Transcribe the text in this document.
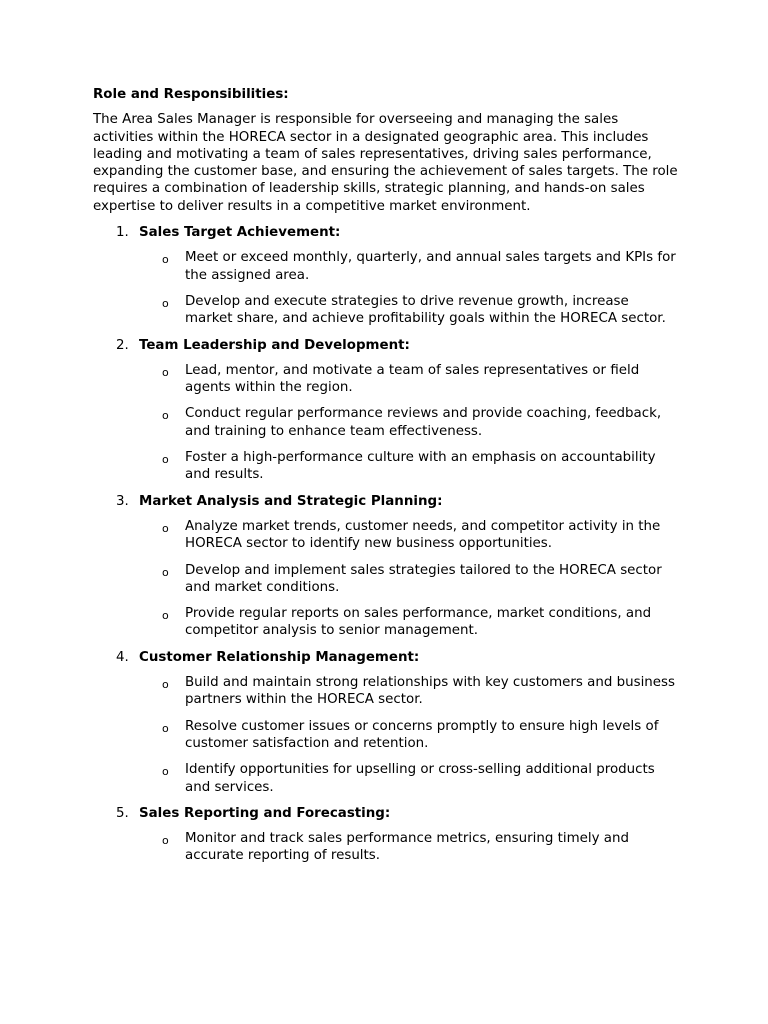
Role and Responsibilities:
The Area Sales Manager is responsible for overseeing and managing the sales activities within the HORECA sector in a designated geographic area. This includes leading and motivating a team of sales representatives, driving sales performance, expanding the customer base, and ensuring the achievement of sales targets. The role requires a combination of leadership skills, strategic planning, and hands-on sales expertise to deliver results in a competitive market environment.
1. Sales Target Achievement:
o Meet or exceed monthly, quarterly, and annual sales targets and KPIs for the assigned area.
o Develop and execute strategies to drive revenue growth, increase market share, and achieve profitability goals within the HORECA sector.
2. Team Leadership and Development:
o Lead, mentor, and motivate a team of sales representatives or field agents within the region.
o Conduct regular performance reviews and provide coaching, feedback, and training to enhance team effectiveness.
o Foster a high-performance culture with an emphasis on accountability and results.
3. Market Analysis and Strategic Planning:
o Analyze market trends, customer needs, and competitor activity in the HORECA sector to identify new business opportunities.
o Develop and implement sales strategies tailored to the HORECA sector and market conditions.
o Provide regular reports on sales performance, market conditions, and competitor analysis to senior management.
4. Customer Relationship Management:
o Build and maintain strong relationships with key customers and business partners within the HORECA sector.
o Resolve customer issues or concerns promptly to ensure high levels of customer satisfaction and retention.
o Identify opportunities for upselling or cross-selling additional products and services.
5. Sales Reporting and Forecasting:
o Monitor and track sales performance metrics, ensuring timely and accurate reporting of results.
